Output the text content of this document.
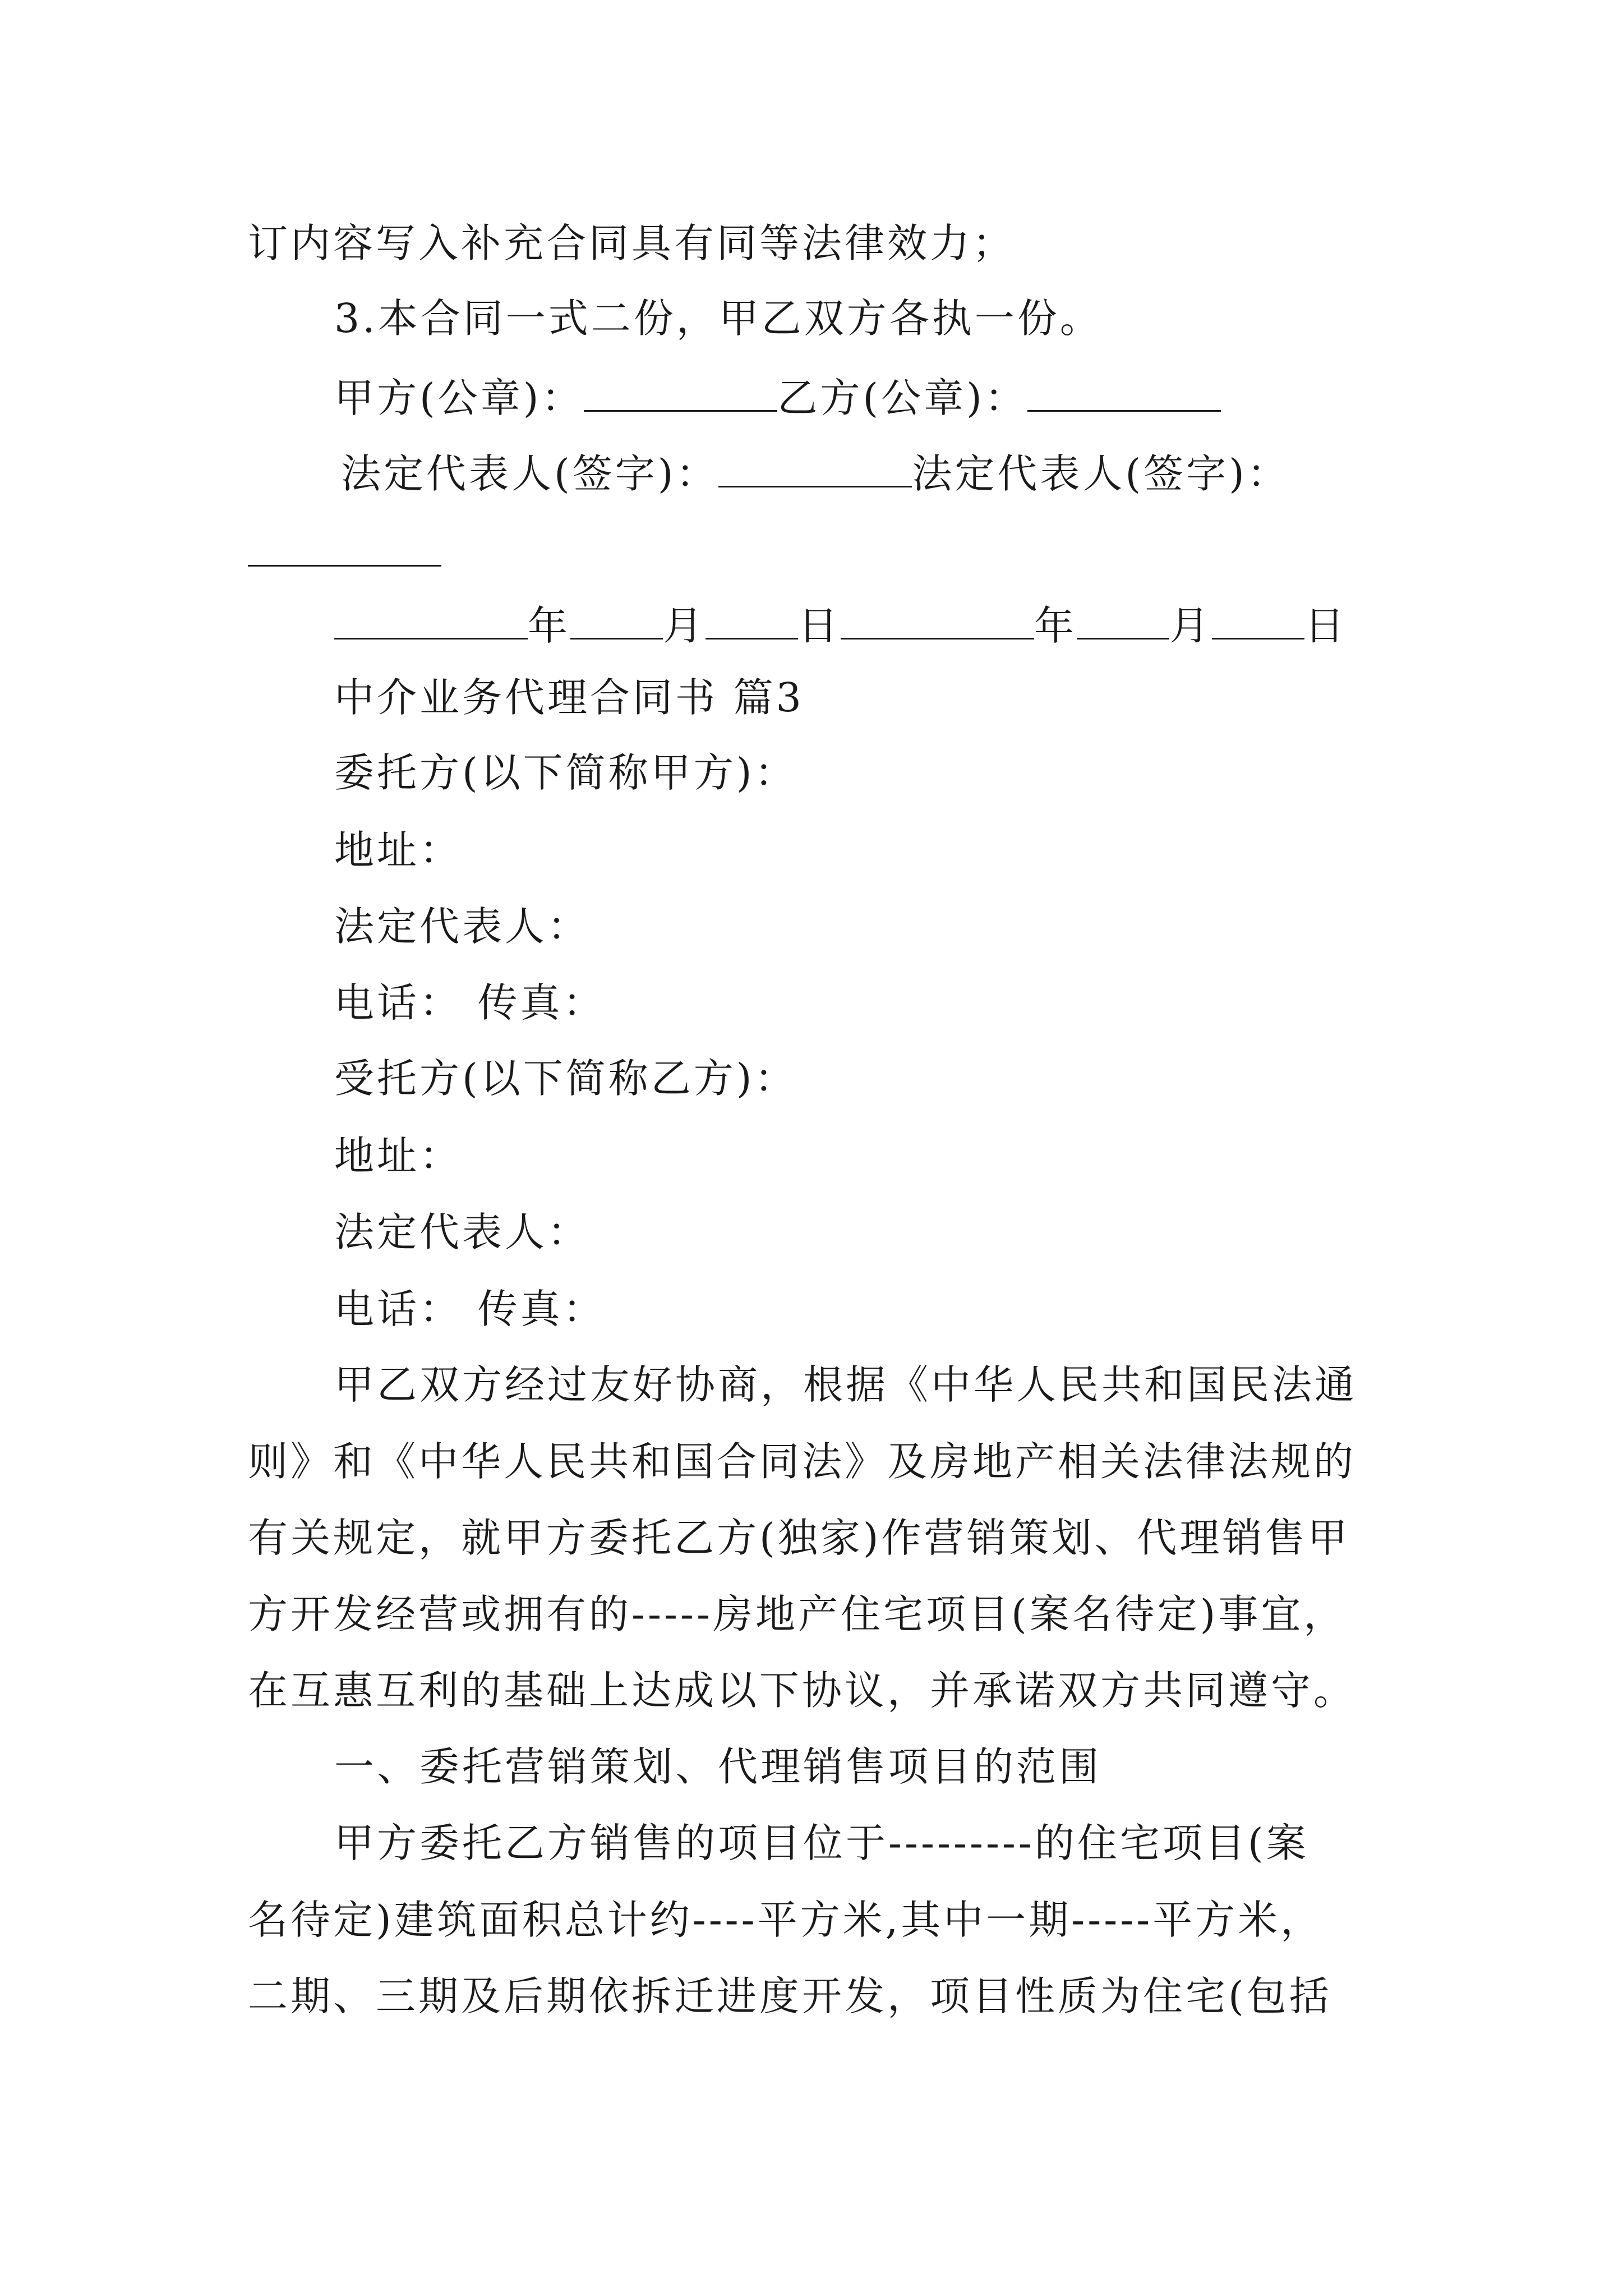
订内容写入补充合同具有同等法律效力；
3.本合同一式二份，甲乙双方各执一份。
甲方(公章)：	乙方(公章)：
法定代表人(签字)：	法定代表人(签字)：
年 月 日	年 月 日
中介业务代理合同书 篇3
委托方(以下简称甲方)：
地址：
法定代表人：
电话： 传真：
受托方(以下简称乙方)：
地址：
法定代表人：
电话： 传真：
甲乙双方经过友好协商，根据《中华人民共和国民法通
则》和《中华人民共和国合同法》及房地产相关法律法规的
有关规定，就甲方委托乙方(独家)作营销策划、代理销售甲
方开发经营或拥有的-----房地产住宅项目(案名待定)事宜，
在互惠互利的基础上达成以下协议，并承诺双方共同遵守。
一、委托营销策划、代理销售项目的范围
甲方委托乙方销售的项目位于---------的住宅项目(案
名待定)建筑面积总计约----平方米,其中一期-----平方米，
二期、三期及后期依拆迁进度开发，项目性质为住宅(包括
